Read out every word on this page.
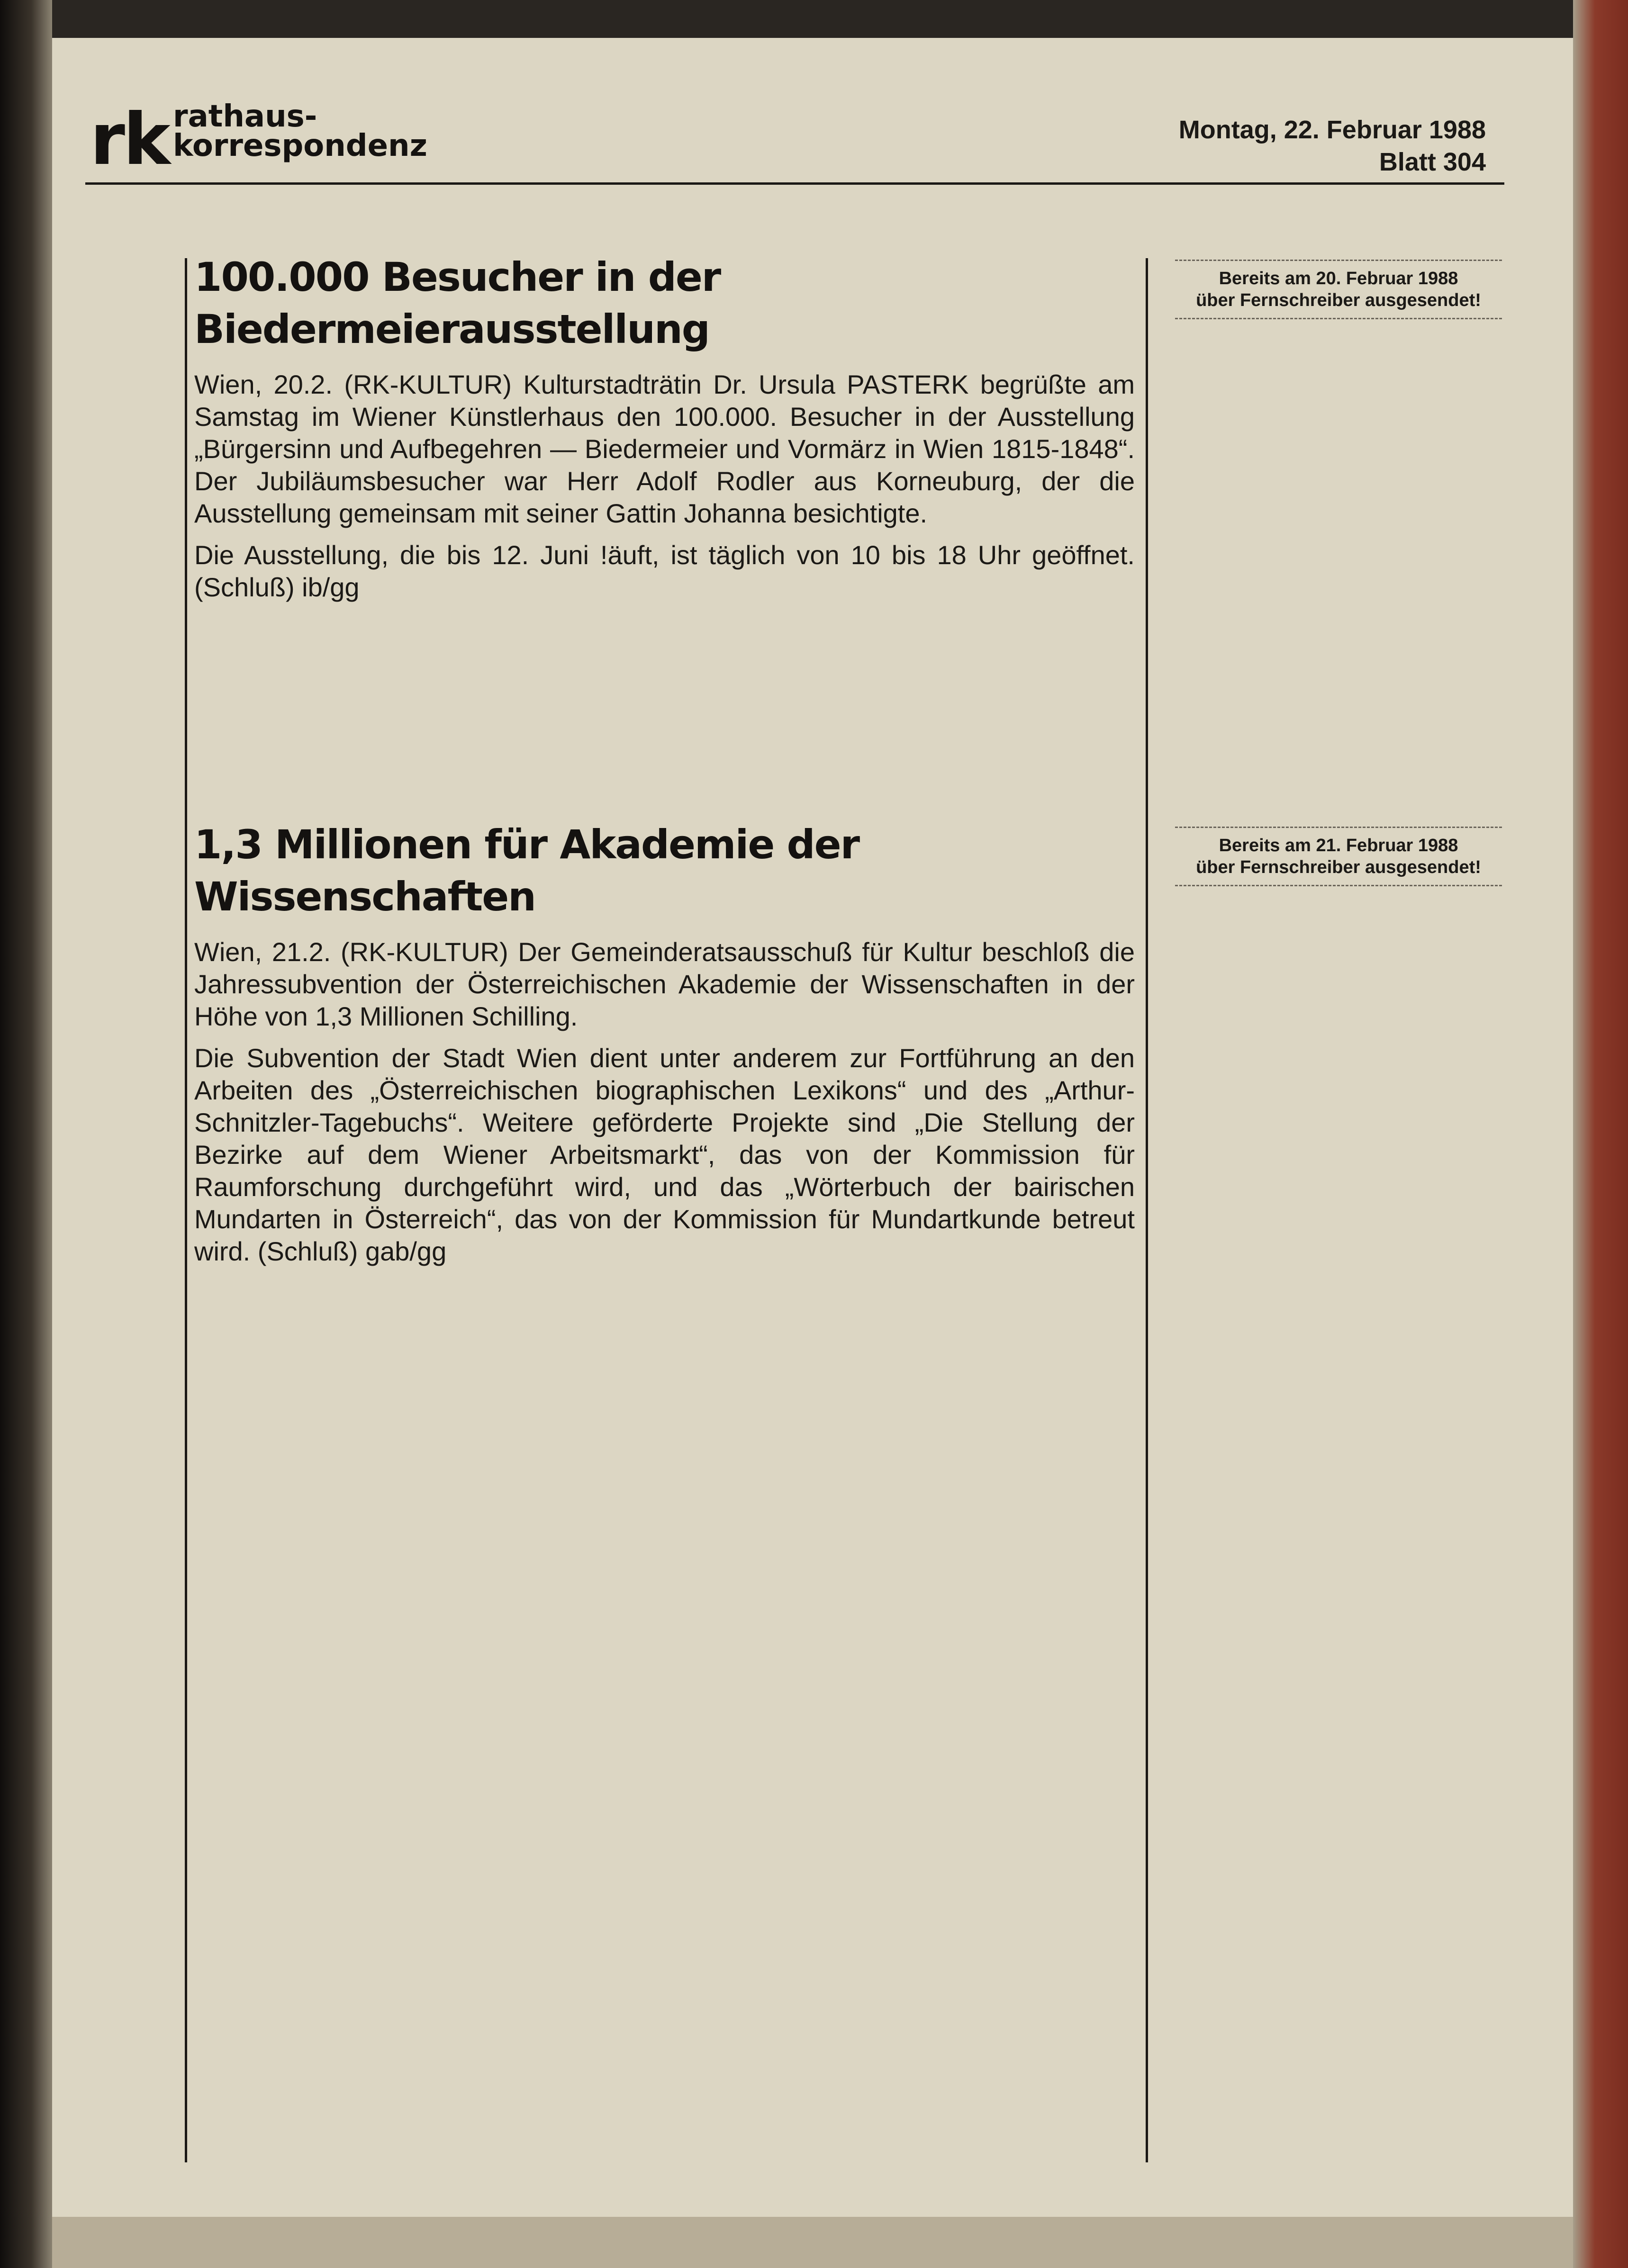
rk rathaus-
korrespondenz	Montag, 22. Februar 1988
Blatt 304
100.000 Besucher in der Biedermeierausstellung

Wien, 20.2. (RK-KULTUR) Kulturstadträtin Dr. Ursula PASTERK begrüßte am Samstag im Wiener Künstlerhaus den 100.000. Besucher in der Ausstellung „Bürgersinn und Aufbegehren — Biedermeier und Vormärz in Wien 1815-1848“. Der Jubiläumsbesucher war Herr Adolf Rodler aus Korneuburg, der die Ausstellung gemeinsam mit seiner Gattin Johanna besichtigte.

Die Ausstellung, die bis 12. Juni !äuft, ist täglich von 10 bis 18 Uhr geöffnet. (Schluß) ib/gg

Bereits am 20. Februar 1988
über Fernschreiber ausgesendet!
1,3 Millionen für Akademie der Wissenschaften

Wien, 21.2. (RK-KULTUR) Der Gemeinderatsausschuß für Kultur beschloß die Jahressubvention der Österreichischen Akademie der Wissenschaften in der Höhe von 1,3 Millionen Schilling.

Die Subvention der Stadt Wien dient unter anderem zur Fortführung an den Arbeiten des „Österreichischen biographischen Lexikons“ und des „Arthur-Schnitzler-Tagebuchs“. Weitere geförderte Projekte sind „Die Stellung der Bezirke auf dem Wiener Arbeitsmarkt“, das von der Kommission für Raumforschung durchgeführt wird, und das „Wörterbuch der bairischen Mundarten in Österreich“, das von der Kommission für Mundartkunde betreut wird. (Schluß) gab/gg

Bereits am 21. Februar 1988
über Fernschreiber ausgesendet!
